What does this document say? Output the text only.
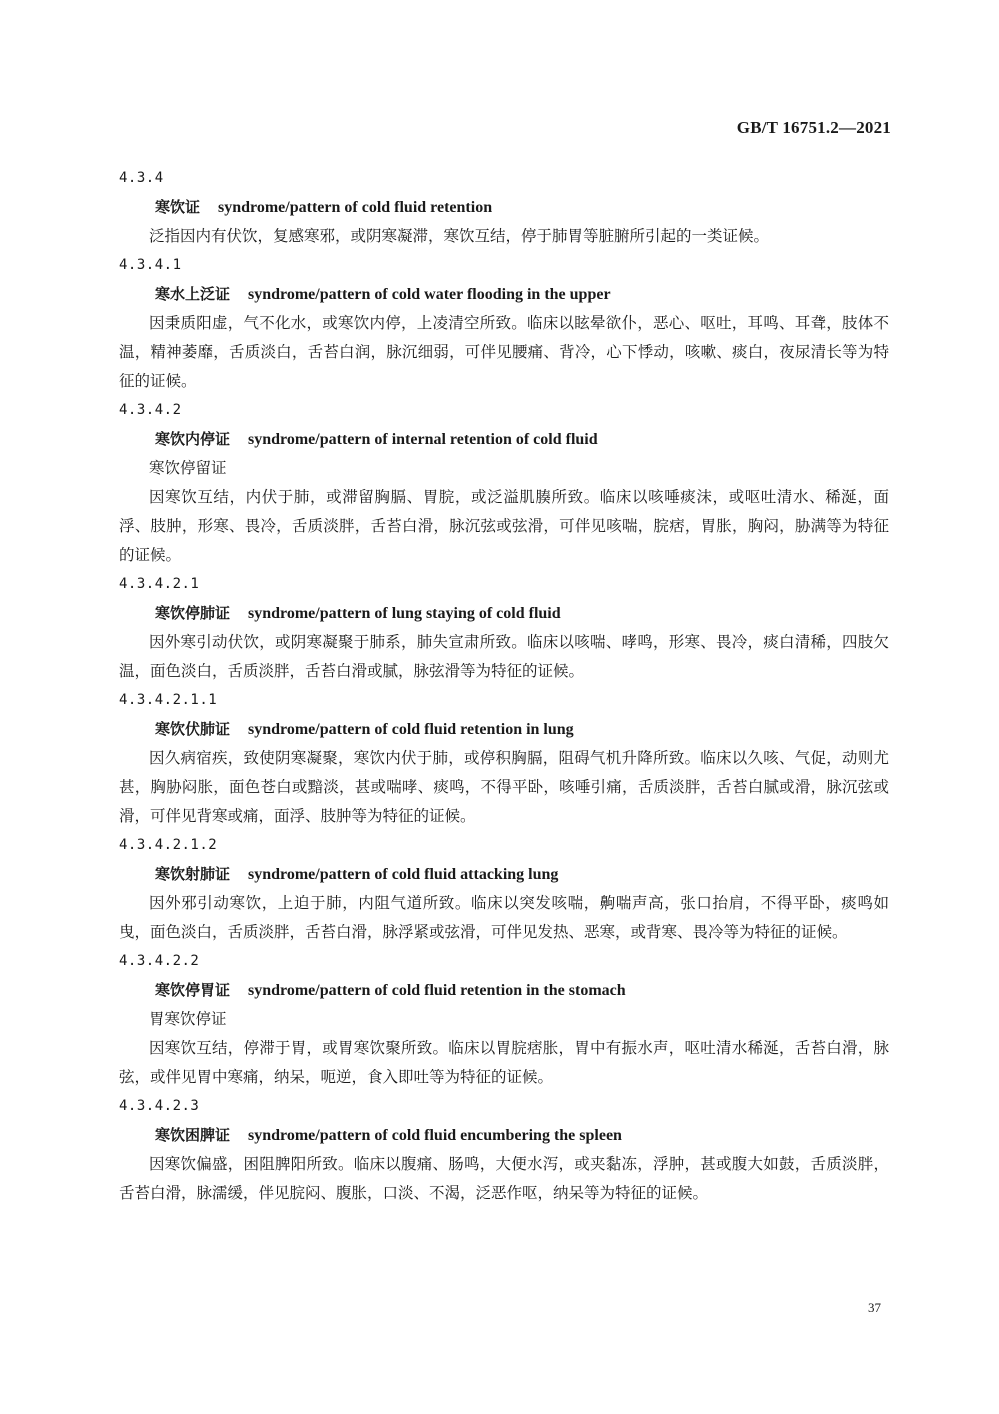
GB/T 16751.2—2021
4.3.4
寒饮证 syndrome/pattern of cold fluid retention

泛指因内有伏饮，复感寒邪，或阴寒凝滞，寒饮互结，停于肺胃等脏腑所引起的一类证候。

4.3.4.1
寒水上泛证 syndrome/pattern of cold water flooding in the upper

因秉质阳虚，气不化水，或寒饮内停，上凌清空所致。临床以眩晕欲仆，恶心、呕吐，耳鸣、耳聋，肢体不温，精神萎靡，舌质淡白，舌苔白润，脉沉细弱，可伴见腰痛、背冷，心下悸动，咳嗽、痰白，夜尿清长等为特征的证候。

4.3.4.2
寒饮内停证 syndrome/pattern of internal retention of cold fluid
寒饮停留证

因寒饮互结，内伏于肺，或滞留胸膈、胃脘，或泛溢肌腠所致。临床以咳唾痰沫，或呕吐清水、稀涎，面浮、肢肿，形寒、畏冷，舌质淡胖，舌苔白滑，脉沉弦或弦滑，可伴见咳喘，脘痞，胃胀，胸闷，胁满等为特征的证候。

4.3.4.2.1
寒饮停肺证 syndrome/pattern of lung staying of cold fluid

因外寒引动伏饮，或阴寒凝聚于肺系，肺失宣肃所致。临床以咳喘、哮鸣，形寒、畏冷，痰白清稀，四肢欠温，面色淡白，舌质淡胖，舌苔白滑或腻，脉弦滑等为特征的证候。

4.3.4.2.1.1
寒饮伏肺证 syndrome/pattern of cold fluid retention in lung

因久病宿疾，致使阴寒凝聚，寒饮内伏于肺，或停积胸膈，阻碍气机升降所致。临床以久咳、气促，动则尤甚，胸胁闷胀，面色苍白或黯淡，甚或喘哮、痰鸣，不得平卧，咳唾引痛，舌质淡胖，舌苔白腻或滑，脉沉弦或滑，可伴见背寒或痛，面浮、肢肿等为特征的证候。

4.3.4.2.1.2
寒饮射肺证 syndrome/pattern of cold fluid attacking lung

因外邪引动寒饮，上迫于肺，内阻气道所致。临床以突发咳喘，齁喘声高，张口抬肩，不得平卧，痰鸣如曳，面色淡白，舌质淡胖，舌苔白滑，脉浮紧或弦滑，可伴见发热、恶寒，或背寒、畏冷等为特征的证候。

4.3.4.2.2
寒饮停胃证 syndrome/pattern of cold fluid retention in the stomach
胃寒饮停证

因寒饮互结，停滞于胃，或胃寒饮聚所致。临床以胃脘痞胀，胃中有振水声，呕吐清水稀涎，舌苔白滑，脉弦，或伴见胃中寒痛，纳呆，呃逆，食入即吐等为特征的证候。

4.3.4.2.3
寒饮困脾证 syndrome/pattern of cold fluid encumbering the spleen

因寒饮偏盛，困阻脾阳所致。临床以腹痛、肠鸣，大便水泻，或夹黏冻，浮肿，甚或腹大如鼓，舌质淡胖，舌苔白滑，脉濡缓，伴见脘闷、腹胀，口淡、不渴，泛恶作呕，纳呆等为特征的证候。

37
